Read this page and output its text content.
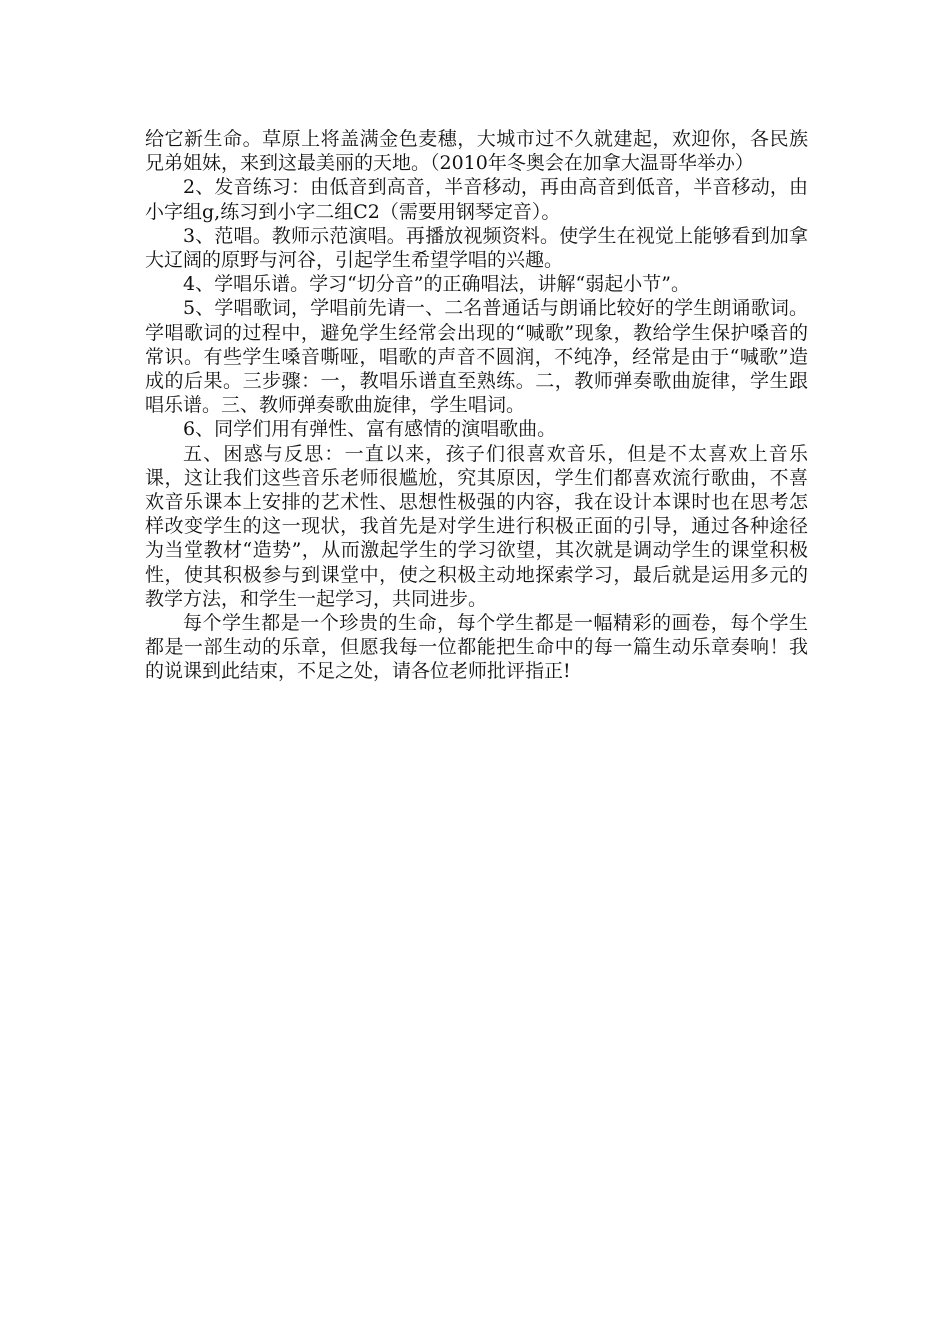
给它新生命。草原上将盖满金色麦穗，大城市过不久就建起，欢迎你，各民族兄弟姐妹，来到这最美丽的天地。（2010年冬奥会在加拿大温哥华举办）

2、发音练习：由低音到高音，半音移动，再由高音到低音，半音移动，由小字组g,练习到小字二组C2（需要用钢琴定音）。

3、范唱。教师示范演唱。再播放视频资料。使学生在视觉上能够看到加拿大辽阔的原野与河谷，引起学生希望学唱的兴趣。

4、学唱乐谱。学习“切分音”的正确唱法，讲解“弱起小节”。

5、学唱歌词，学唱前先请一、二名普通话与朗诵比较好的学生朗诵歌词。学唱歌词的过程中，避免学生经常会出现的“喊歌”现象，教给学生保护嗓音的常识。有些学生嗓音嘶哑，唱歌的声音不圆润，不纯净，经常是由于“喊歌”造成的后果。三步骤：一，教唱乐谱直至熟练。二，教师弹奏歌曲旋律，学生跟唱乐谱。三、教师弹奏歌曲旋律，学生唱词。

6、同学们用有弹性、富有感情的演唱歌曲。

五、困惑与反思：一直以来，孩子们很喜欢音乐，但是不太喜欢上音乐课，这让我们这些音乐老师很尴尬，究其原因，学生们都喜欢流行歌曲，不喜欢音乐课本上安排的艺术性、思想性极强的内容，我在设计本课时也在思考怎样改变学生的这一现状，我首先是对学生进行积极正面的引导，通过各种途径为当堂教材“造势”，从而激起学生的学习欲望，其次就是调动学生的课堂积极性，使其积极参与到课堂中，使之积极主动地探索学习，最后就是运用多元的教学方法，和学生一起学习，共同进步。

每个学生都是一个珍贵的生命，每个学生都是一幅精彩的画卷，每个学生都是一部生动的乐章，但愿我每一位都能把生命中的每一篇生动乐章奏响！我的说课到此结束，不足之处，请各位老师批评指正!
